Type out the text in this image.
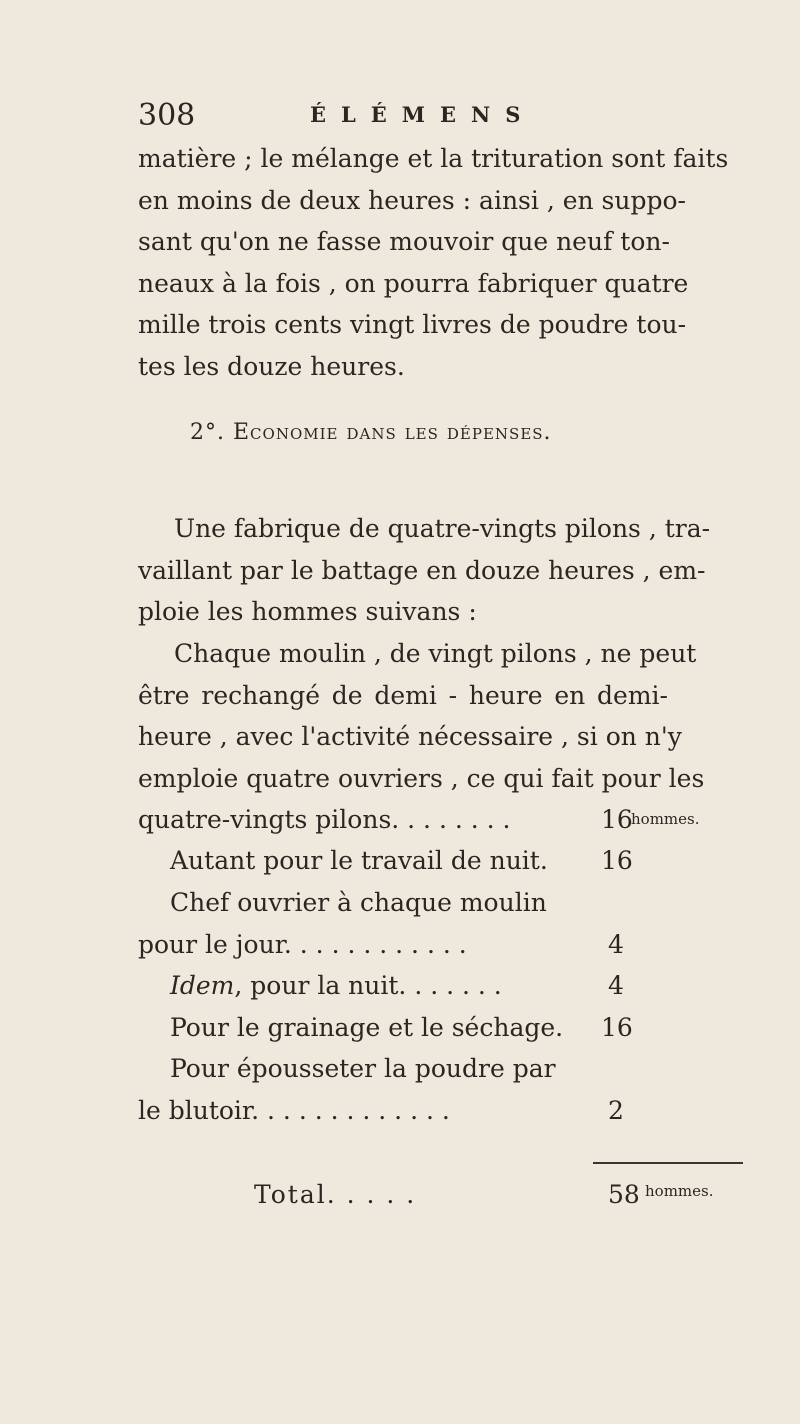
308	ÉLÉMENS

matière ; le mélange et la trituration sont faits
en moins de deux heures : ainsi , en suppo-
sant qu'on ne fasse mouvoir que neuf ton-
neaux à la fois , on pourra fabriquer quatre
mille trois cents vingt livres de poudre tou-
tes les douze heures.

2°. Economie dans les dépenses.

Une fabrique de quatre-vingts pilons , tra-
vaillant par le battage en douze heures , em-
ploie les hommes suivans :

Chaque moulin , de vingt pilons , ne peut
être rechangé de demi - heure en demi-
heure , avec l'activité nécessaire , si on n'y
emploie quatre ouvriers , ce qui fait pour les

quatre-vingts pilons. . . . . . . .	16
hommes.
Autant pour le travail de nuit. 16
Chef ouvrier à chaque moulin
pour le jour. . . . . . . . . . . .	4
Idem, pour la nuit. . . . . . .	4
Pour le grainage et le séchage. 16
Pour épousseter la poudre par
le blutoir. . . . . . . . . . . . .	2
Total. . . . .	58 hommes.
